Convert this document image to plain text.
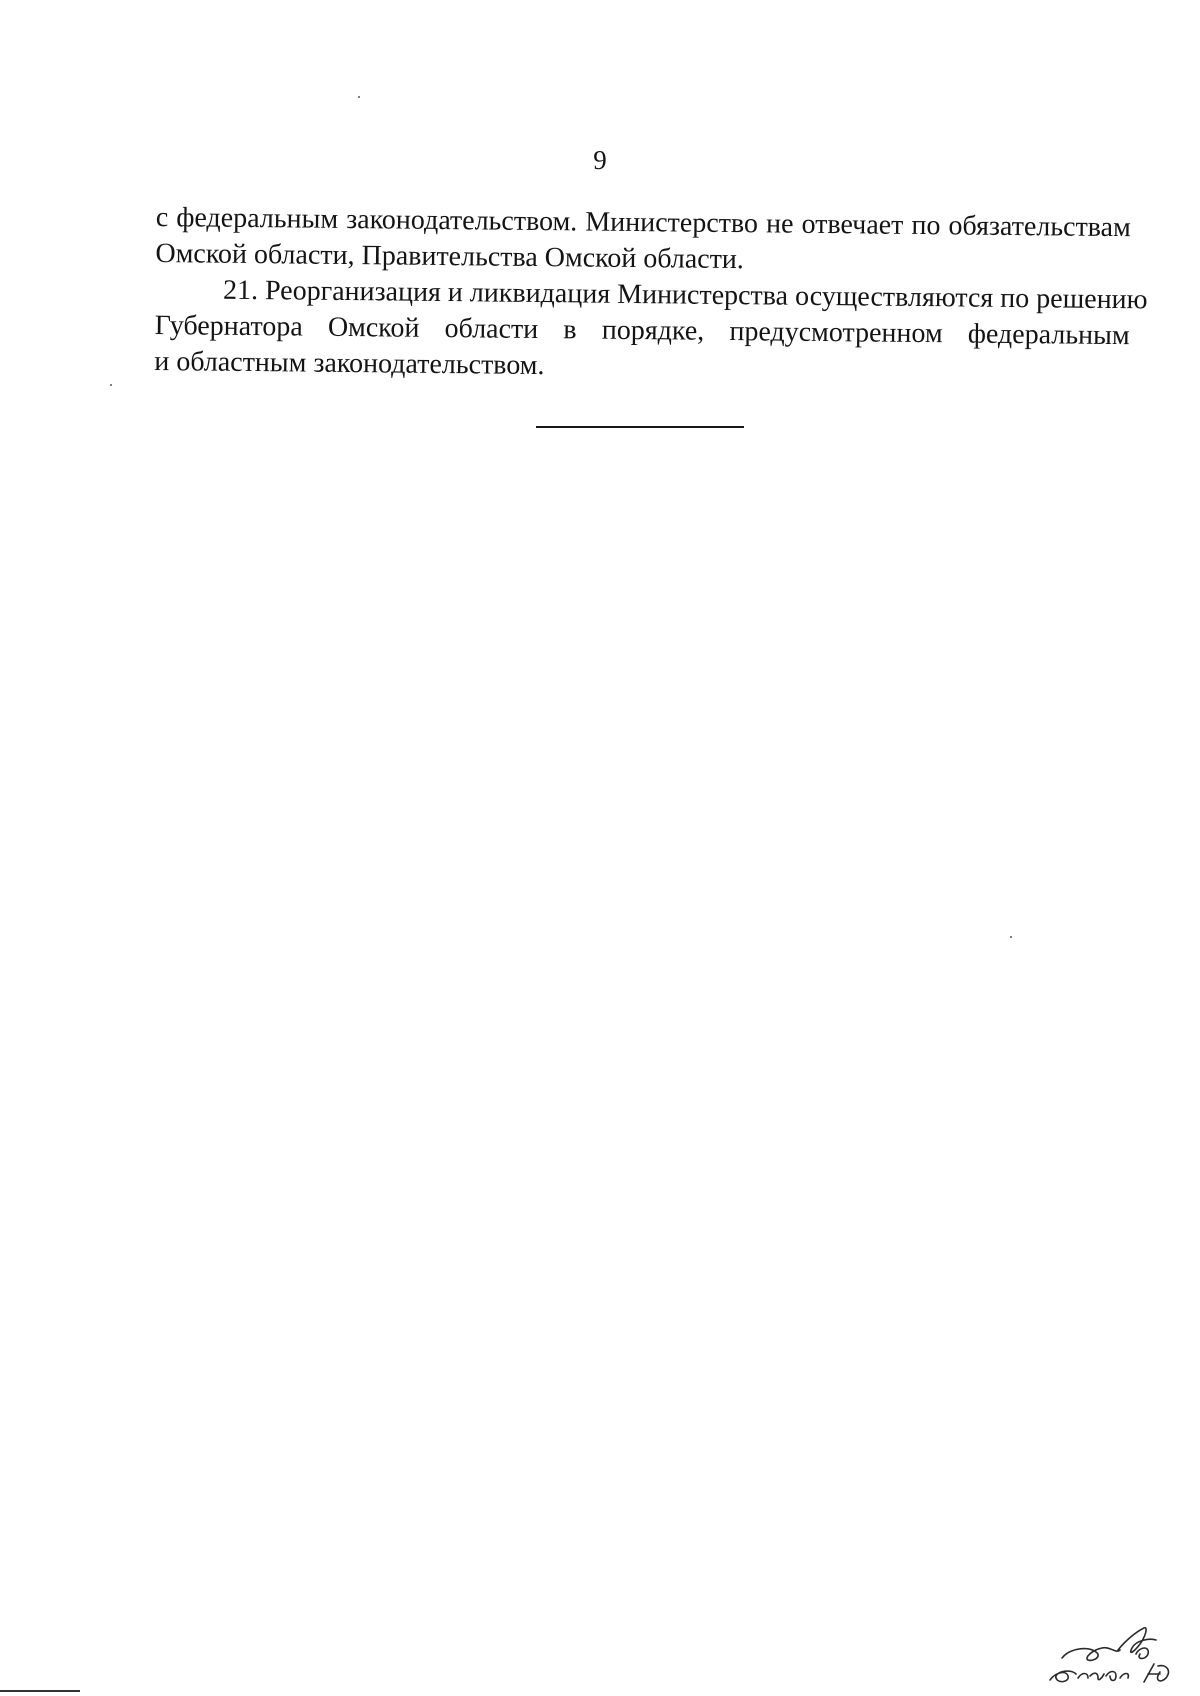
9

с федеральным законодательством. Министерство не отвечает по обязательствам
Омской области, Правительства Омской области.

21. Реорганизация и ликвидация Министерства осуществляются по решению
Губернатора Омской области в порядке, предусмотренном федеральным
и областным законодательством.
